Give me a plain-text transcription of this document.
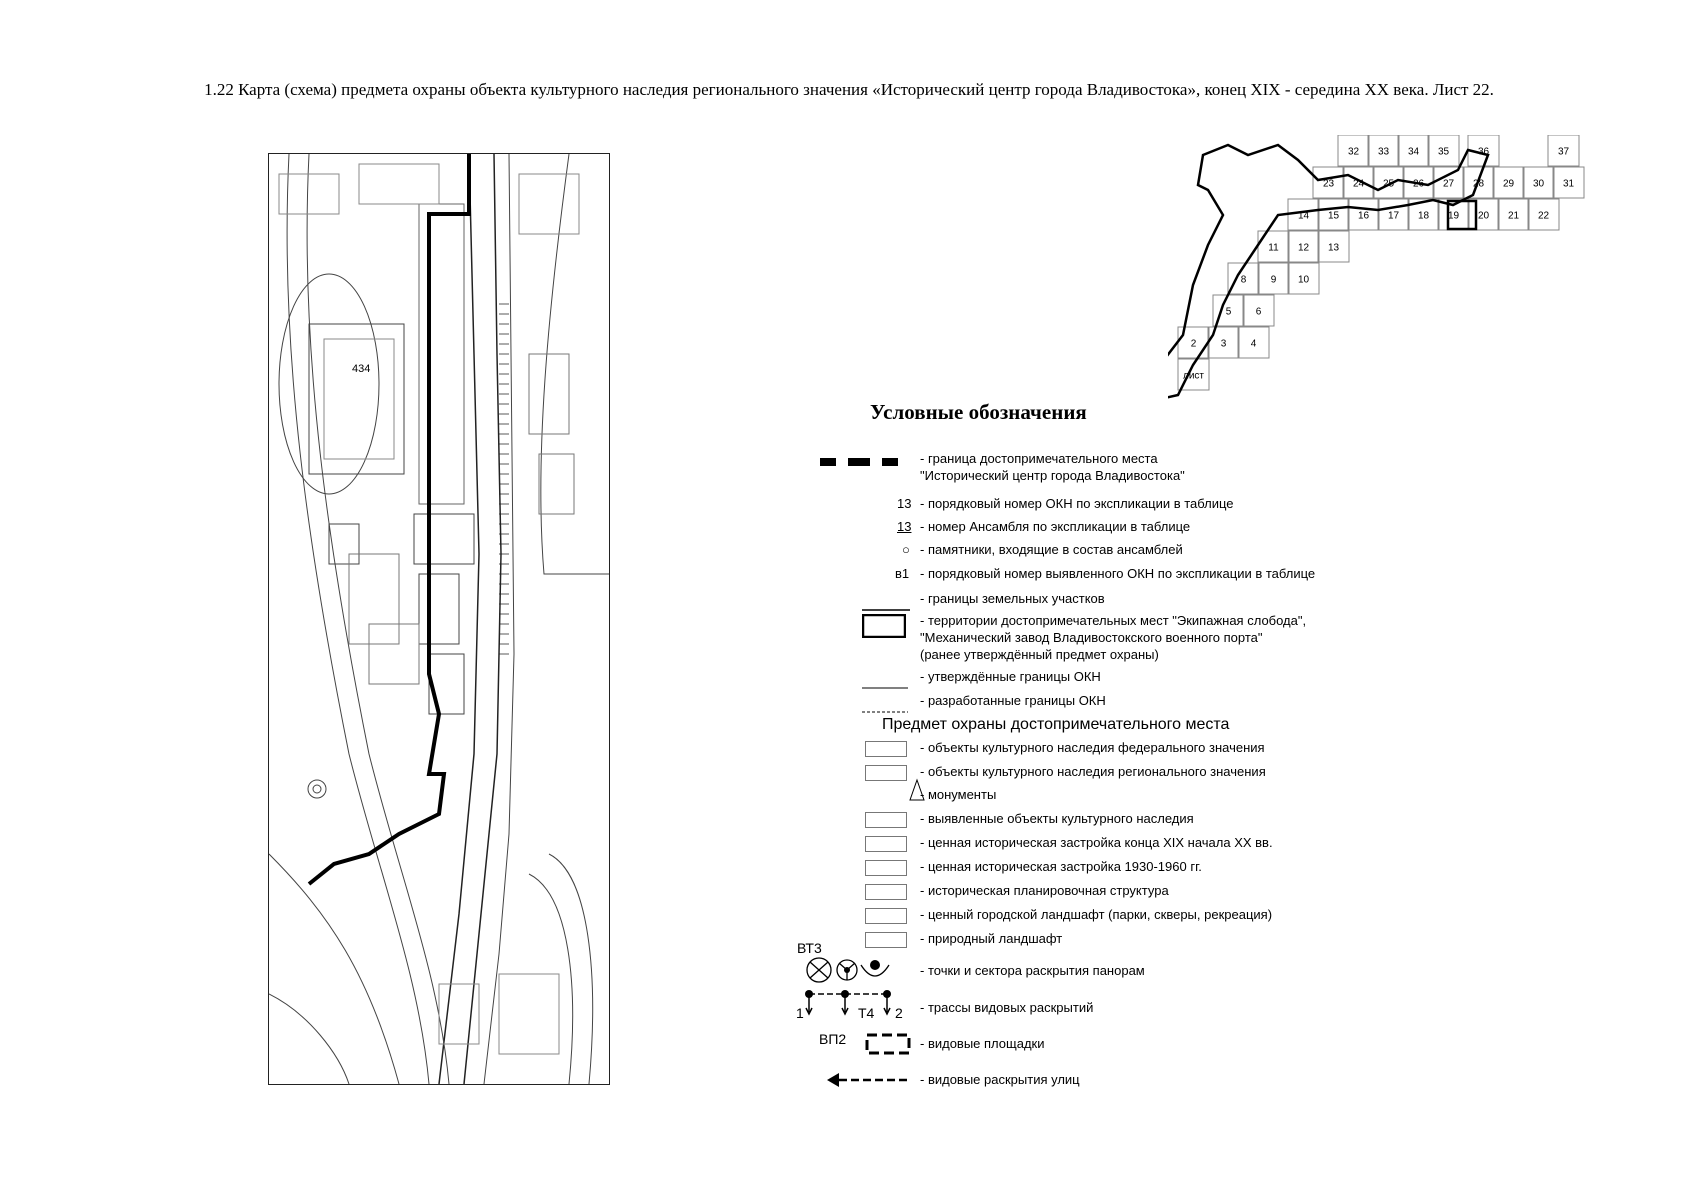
1.22 Карта (схема) предмета охраны объекта культурного наследия регионального значения «Исторический центр города Владивостока», конец XIX - середина XX века. Лист 22.
434
32 33 34 35	36	37
23 24 25 26 27 28 29 30 31
14 15 16 17 18 19 20 21 22
11 12 13
8 9 10
5 6
2 3 4
лист
Условные обозначения
- граница достопримечательного места
"Исторический центр города Владивостока"
13 - порядковый номер ОКН по экспликации в таблице
13 - номер Ансамбля по экспликации в таблице
○ - памятники, входящие в состав ансамблей
в1 - порядковый номер выявленного ОКН по экспликации в таблице
- границы земельных участков
- территории достопримечательных мест "Экипажная слобода",
"Механический завод Владивостокского военного порта"
(ранее утверждённый предмет охраны)
- утверждённые границы ОКН
- разработанные границы ОКН
Предмет охраны достопримечательного места
- объекты культурного наследия федерального значения
- объекты культурного наследия регионального значения
- монументы
- выявленные объекты культурного наследия
- ценная историческая застройка конца XIX начала XX вв.
- ценная историческая застройка 1930-1960 гг.
- историческая планировочная структура
- ценный городской ландшафт (парки, скверы, рекреация)
- природный ландшафт
ВТ3
- точки и сектора раскрытия панорам
1	Т4 2 - трассы видовых раскрытий
ВП2	- видовые площадки
- видовые раскрытия улиц
